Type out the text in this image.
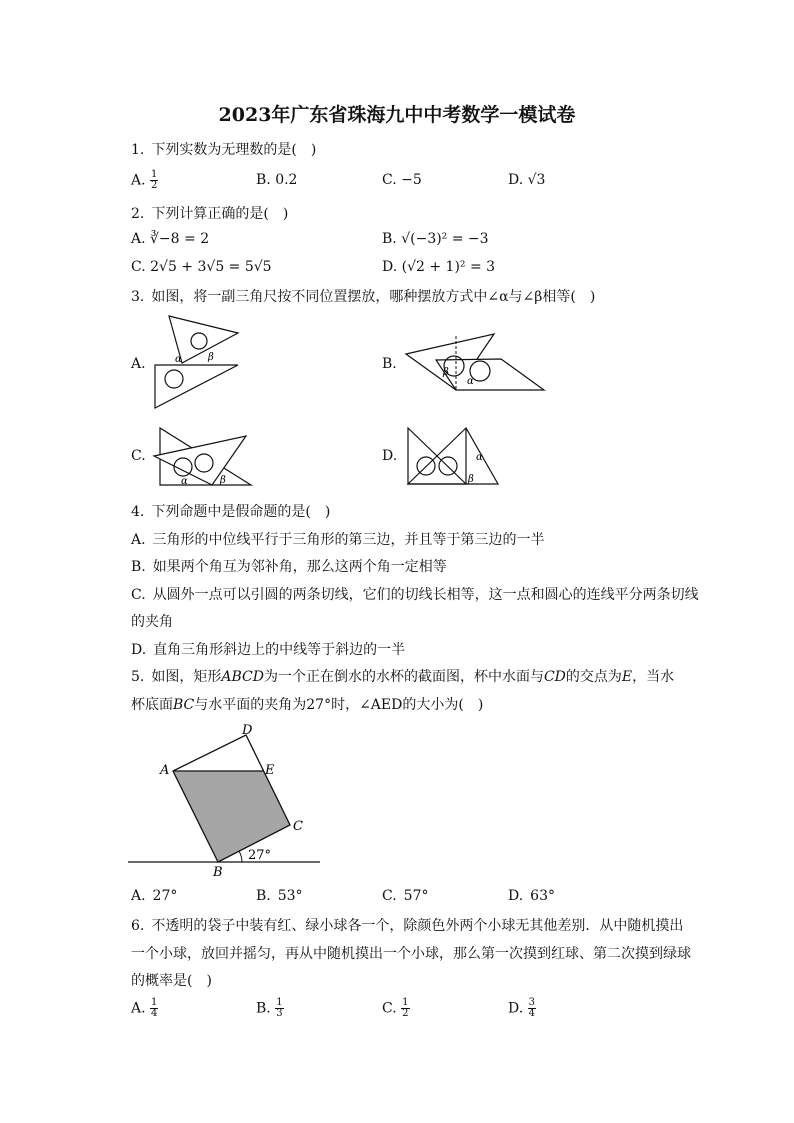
2023年广东省珠海九中中考数学一模试卷
1. 下列实数为无理数的是(  )
A. $\frac{1}{2}$	B. 0.2	C. −5	D. √3
2. 下列计算正确的是(  )
A. ∛−8 = 2	B. √(−3)² = −3
C. 2√5 + 3√5 = 5√5	D. (√2 + 1)² = 3
3. 如图，将一副三角尺按不同位置摆放，哪种摆放方式中∠α与∠β相等(  )
A.	α	β	B.
β
α
C.
α	β
D.	α
β
4. 下列命题中是假命题的是(  )
A. 三角形的中位线平行于三角形的第三边，并且等于第三边的一半
B. 如果两个角互为邻补角，那么这两个角一定相等
C. 从圆外一点可以引圆的两条切线，它们的切线长相等，这一点和圆心的连线平分两条切线
的夹角
D. 直角三角形斜边上的中线等于斜边的一半
5. 如图，矩形ABCD为一个正在倒水的水杯的截面图，杯中水面与CD的交点为E，当水
杯底面BC与水平面的夹角为27°时，∠AED的大小为(  )
D
A	E
C
B
27°
A. 27°	B. 53°	C. 57°	D. 63°
6. 不透明的袋子中装有红、绿小球各一个，除颜色外两个小球无其他差别．从中随机摸出
一个小球，放回并摇匀，再从中随机摸出一个小球，那么第一次摸到红球、第二次摸到绿球
的概率是(  )
A. $\frac{1}{4}$	B. $\frac{1}{3}$	C. $\frac{1}{2}$	D. $\frac{3}{4}$
